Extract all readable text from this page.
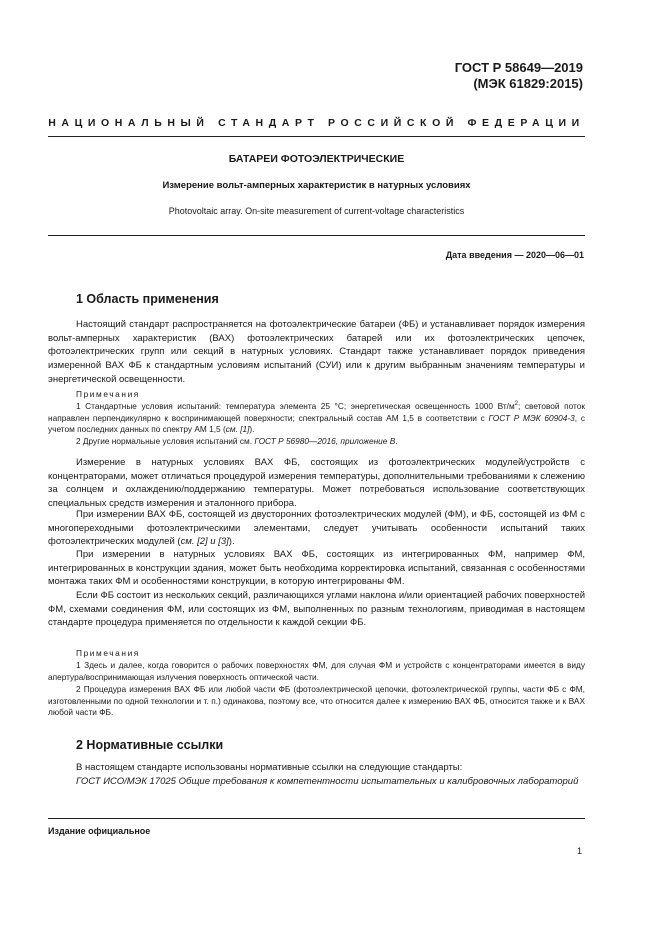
ГОСТ Р 58649—2019
(МЭК 61829:2015)
НАЦИОНАЛЬНЫЙ СТАНДАРТ РОССИЙСКОЙ ФЕДЕРАЦИИ
БАТАРЕИ ФОТОЭЛЕКТРИЧЕСКИЕ
Измерение вольт-амперных характеристик в натурных условиях
Photovoltaic array. On-site measurement of current-voltage characteristics
Дата введения — 2020—06—01
1 Область применения

Настоящий стандарт распространяется на фотоэлектрические батареи (ФБ) и устанавливает порядок измерения вольт-амперных характеристик (ВАХ) фотоэлектрических батарей или их фотоэлектрических цепочек, фотоэлектрических групп или секций в натурных условиях. Стандарт также устанавливает порядок приведения измеренной ВАХ ФБ к стандартным условиям испытаний (СУИ) или к другим выбранным значениям температуры и энергетической освещенности.

Примечания

1 Стандартные условия испытаний: температура элемента 25 °C; энергетическая освещенность 1000 $Вт/м^2$; световой поток направлен перпендикулярно к воспринимающей поверхности; спектральный состав АМ 1,5 в соответствии с ГОСТ Р МЭК 60904-3, с учетом последних данных по спектру АМ 1,5 (см. [1]).

2 Другие нормальные условия испытаний см. ГОСТ Р 56980—2016, приложение В.

Измерение в натурных условиях ВАХ ФБ, состоящих из фотоэлектрических модулей/устройств с концентраторами, может отличаться процедурой измерения температуры, дополнительными требованиями к слежению за солнцем и охлаждению/поддержанию температуры. Может потребоваться использование соответствующих специальных средств измерения и эталонного прибора.

При измерении ВАХ ФБ, состоящей из двусторонних фотоэлектрических модулей (ФМ), и ФБ, состоящей из ФМ с многопереходными фотоэлектрическими элементами, следует учитывать особенности испытаний таких фотоэлектрических модулей (см. [2] и [3]).

При измерении в натурных условиях ВАХ ФБ, состоящих из интегрированных ФМ, например ФМ, интегрированных в конструкции здания, может быть необходима корректировка испытаний, связанная с особенностями монтажа таких ФМ и особенностями конструкции, в которую интегрированы ФМ.

Если ФБ состоит из нескольких секций, различающихся углами наклона и/или ориентацией рабочих поверхностей ФМ, схемами соединения ФМ, или состоящих из ФМ, выполненных по разным технологиям, приводимая в настоящем стандарте процедура применяется по отдельности к каждой секции ФБ.

Примечания

1 Здесь и далее, когда говорится о рабочих поверхностях ФМ, для случая ФМ и устройств с концентраторами имеется в виду апертура/воспринимающая излучения поверхность оптической части.

2 Процедура измерения ВАХ ФБ или любой части ФБ (фотоэлектрической цепочки, фотоэлектрической группы, части ФБ с ФМ, изготовленными по одной технологии и т. п.) одинакова, поэтому все, что относится далее к измерению ВАХ ФБ, относится также и к ВАХ любой части ФБ.

2 Нормативные ссылки

В настоящем стандарте использованы нормативные ссылки на следующие стандарты:

ГОСТ ИСО/МЭК 17025 Общие требования к компетентности испытательных и калибровочных лабораторий

Издание официальное
1
